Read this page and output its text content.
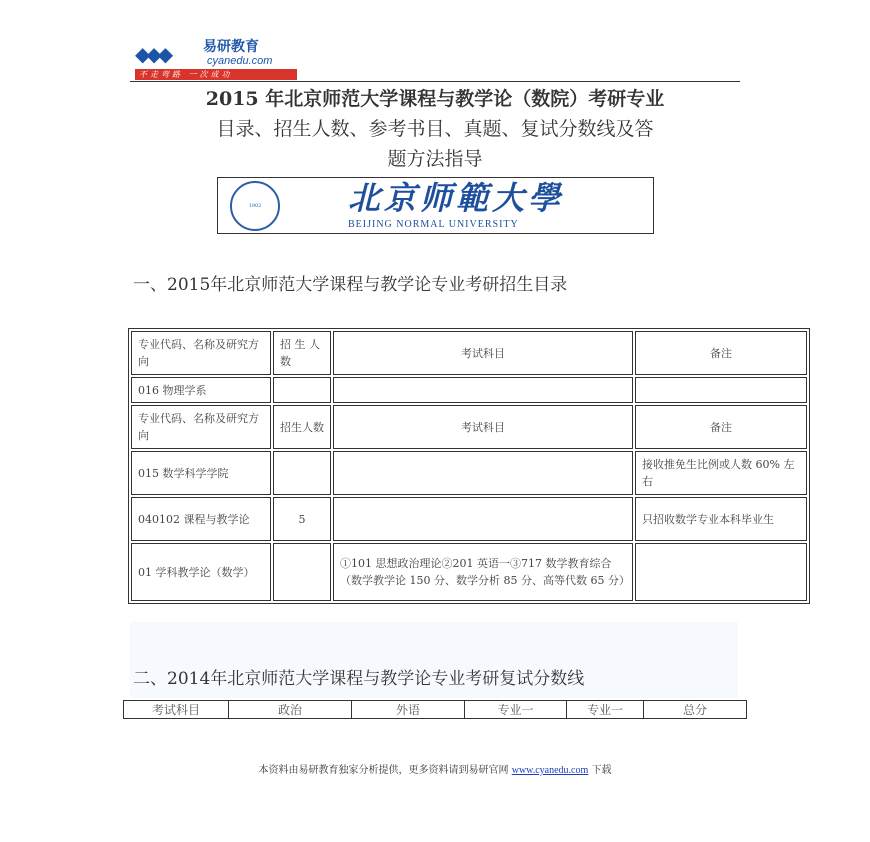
◆◆◆	易研教育
cyanedu.com
不走弯路 一次成功
2015 年北京师范大学课程与教学论（数院）考研专业
目录、招生人数、参考书目、真题、复试分数线及答
题方法指导
1902	北京师範大學
BEIJING NORMAL UNIVERSITY
一、2015年北京师范大学课程与教学论专业考研招生目录
专业代码、名称及研究方向	招 生 人数	考试科目	备注
016 物理学系			
专业代码、名称及研究方向	招生人数	考试科目	备注
015 数学科学学院			接收推免生比例或人数 60% 左右
040102 课程与教学论	5		只招收数学专业本科毕业生
01 学科教学论（数学）		①101 思想政治理论②201 英语一③717 数学教育综合（数学教学论 150 分、数学分析 85 分、高等代数 65 分）	
二、2014年北京师范大学课程与教学论专业考研复试分数线
考试科目	政治	外语	专业一	专业一	总分
本资料由易研教育独家分析提供，更多资料请到易研官网 www.cyanedu.com 下载
